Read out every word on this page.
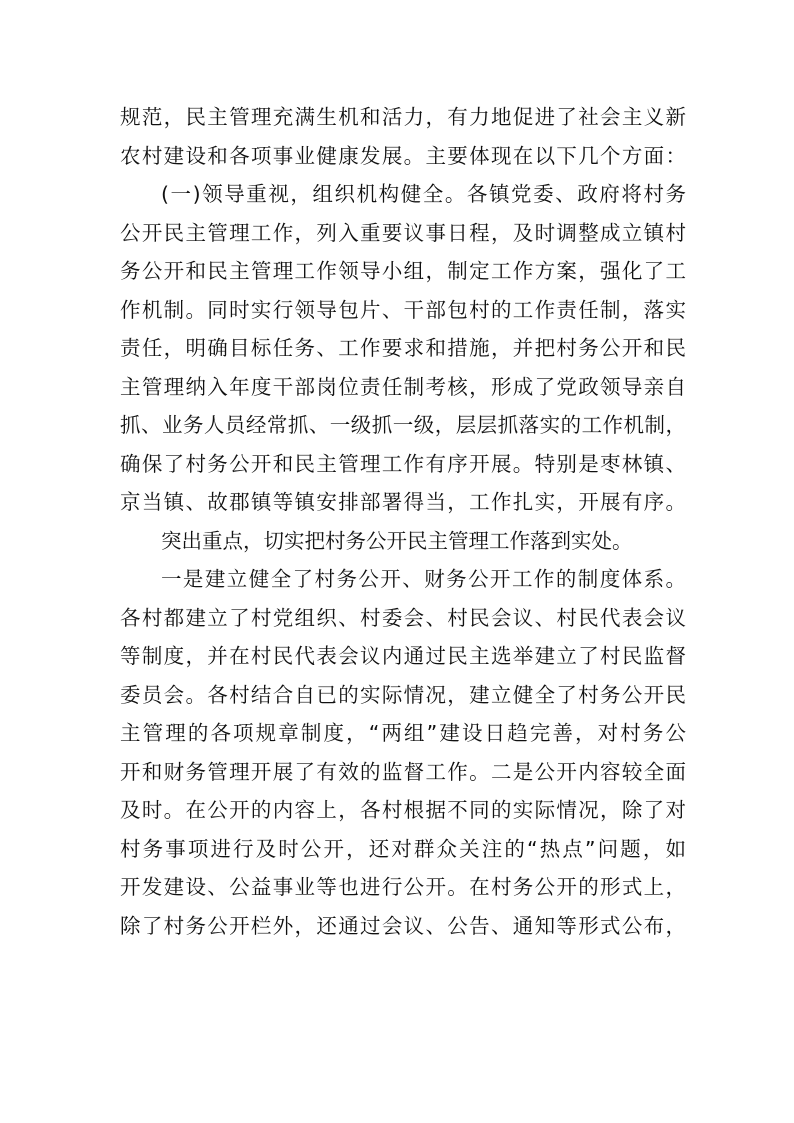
规范，民主管理充满生机和活力，有力地促进了社会主义新
农村建设和各项事业健康发展。主要体现在以下几个方面：
(一)领导重视，组织机构健全。各镇党委、政府将村务
公开民主管理工作，列入重要议事日程，及时调整成立镇村
务公开和民主管理工作领导小组，制定工作方案，强化了工
作机制。同时实行领导包片、干部包村的工作责任制，落实
责任，明确目标任务、工作要求和措施，并把村务公开和民
主管理纳入年度干部岗位责任制考核，形成了党政领导亲自
抓、业务人员经常抓、一级抓一级，层层抓落实的工作机制，
确保了村务公开和民主管理工作有序开展。特别是枣林镇、
京当镇、故郡镇等镇安排部署得当，工作扎实，开展有序。
突出重点，切实把村务公开民主管理工作落到实处。
一是建立健全了村务公开、财务公开工作的制度体系。
各村都建立了村党组织、村委会、村民会议、村民代表会议
等制度，并在村民代表会议内通过民主选举建立了村民监督
委员会。各村结合自已的实际情况，建立健全了村务公开民
主管理的各项规章制度，“两组”建设日趋完善，对村务公
开和财务管理开展了有效的监督工作。二是公开内容较全面
及时。在公开的内容上，各村根据不同的实际情况，除了对
村务事项进行及时公开，还对群众关注的“热点”问题，如
开发建设、公益事业等也进行公开。在村务公开的形式上，
除了村务公开栏外，还通过会议、公告、通知等形式公布，
